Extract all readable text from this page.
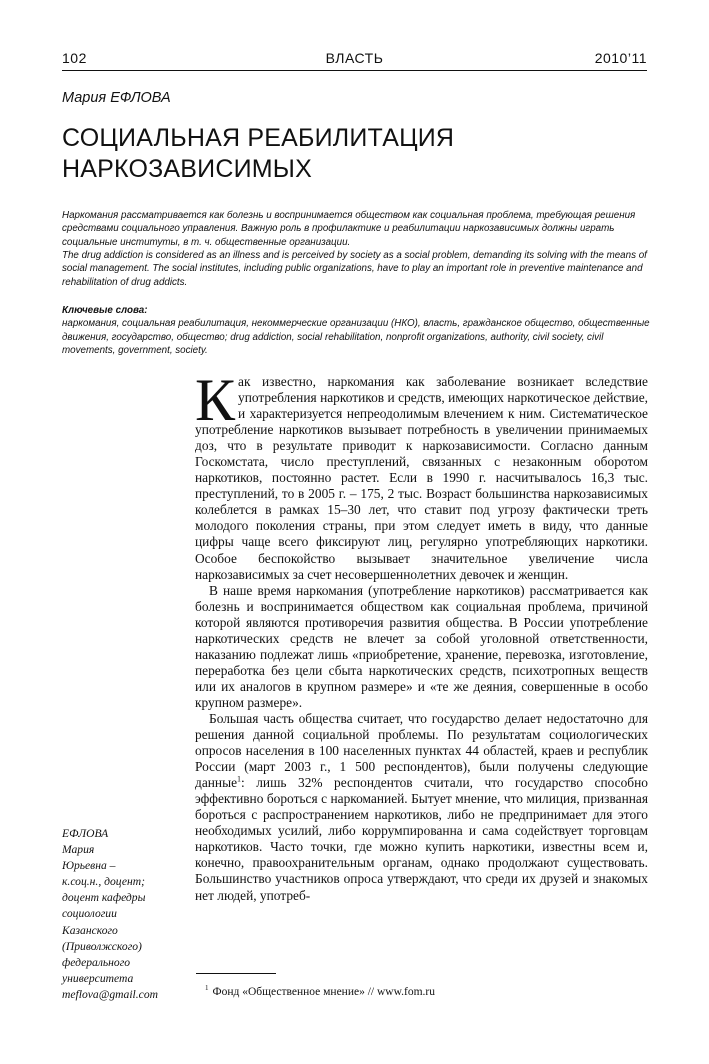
102	ВЛАСТЬ	2010’11
Мария ЕФЛОВА
СОЦИАЛЬНАЯ РЕАБИЛИТАЦИЯ
НАРКОЗАВИСИМЫХ

Наркомания рассматривается как болезнь и воспринимается обществом как социальная проблема, требующая решения средствами социального управления. Важную роль в профилактике и реабилитации наркозависимых должны играть социальные институты, в т. ч. общественные организации.

The drug addiction is considered as an illness and is perceived by society as a social problem, demanding its solving with the means of social management. The social institutes, including public organizations, have to play an important role in preventive maintenance and rehabilitation of drug addicts.

Ключевые слова:
наркомания, социальная реабилитация, некоммерческие организации (НКО), власть, гражданское общество, общественные движения, государство, общество; drug addiction, social rehabilitation, nonprofit organizations, authority, civil society, civil movements, government, society.

Как известно, наркомания как заболевание возникает вследствие употребления наркотиков и средств, имеющих наркотическое действие, и характеризуется непреодолимым влечением к ним. Систематическое употребление наркотиков вызывает потребность в увеличении принимаемых доз, что в результате приводит к наркозависимости. Согласно данным Госкомстата, число преступлений, связанных с незаконным оборотом наркотиков, постоянно растет. Если в 1990 г. насчитывалось 16,3 тыс. преступлений, то в 2005 г. – 175, 2 тыс. Возраст большинства наркозависимых колеблется в рамках 15–30 лет, что ставит под угрозу фактически треть молодого поколения страны, при этом следует иметь в виду, что данные цифры чаще всего фиксируют лиц, регулярно употребляющих наркотики. Особое беспокойство вызывает значительное увеличение числа наркозависимых за счет несовершеннолетних девочек и женщин.

В наше время наркомания (употребление наркотиков) рассматривается как болезнь и воспринимается обществом как социальная проблема, причиной которой являются противоречия развития общества. В России употребление наркотических средств не влечет за собой уголовной ответственности, наказанию подлежат лишь «приобретение, хранение, перевозка, изготовление, переработка без цели сбыта наркотических средств, психотропных веществ или их аналогов в крупном размере» и «те же деяния, совершенные в особо крупном размере».

Большая часть общества считает, что государство делает недостаточно для решения данной социальной проблемы. По результатам социологических опросов населения в 100 населенных пунктах 44 областей, краев и республик России (март 2003 г., 1 500 респондентов), были получены следующие данные$^1$: лишь 32% респондентов считали, что государство способно эффективно бороться с наркоманией. Бытует мнение, что милиция, призванная бороться с распространением наркотиков, либо не предпринимает для этого необходимых усилий, либо коррумпированна и сама содействует торговцам наркотиков. Часто точки, где можно купить наркотики, известны всем и, конечно, правоохранительным органам, однако продолжают существовать. Большинство участников опроса утверждают, что среди их друзей и знакомых нет людей, употреб-

$^1$ Фонд «Общественное мнение» // www.fom.ru
ЕФЛОВА
Мария
Юрьевна –
к.соц.н., доцент;
доцент кафедры
социологии
Казанского
(Приволжского)
федерального
университета
meflova@gmail.com
